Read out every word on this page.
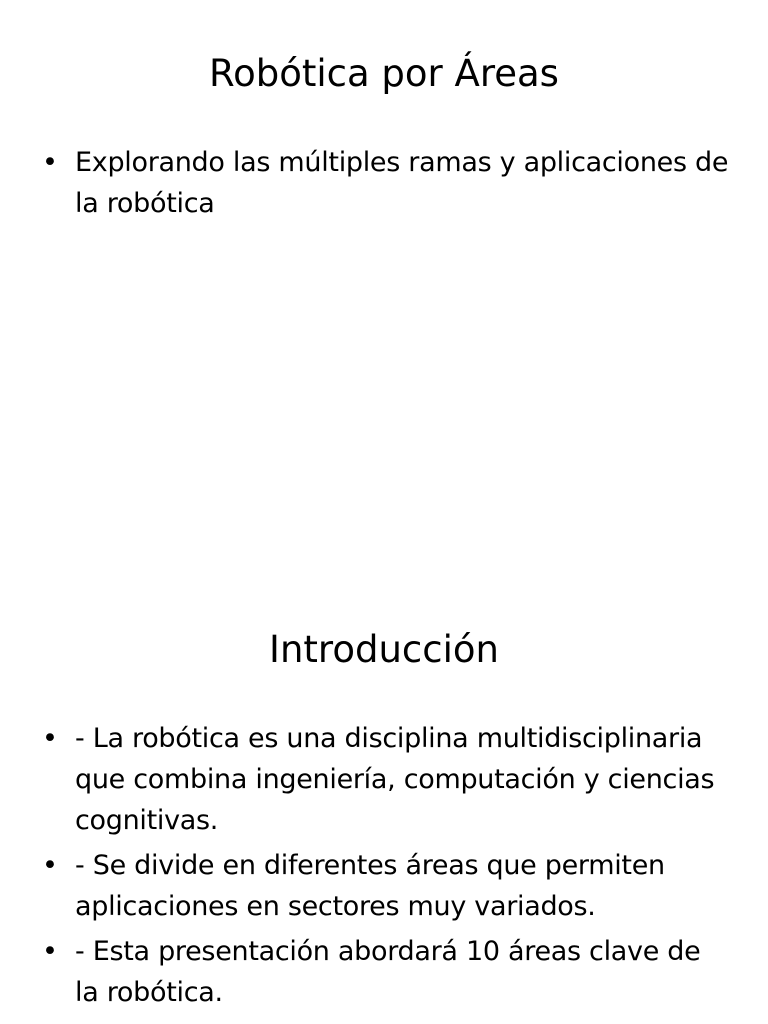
Robótica por Áreas
• Explorando las múltiples ramas y aplicaciones de la robótica
Introducción
• - La robótica es una disciplina multidisciplinaria que combina ingeniería, computación y ciencias cognitivas.
• - Se divide en diferentes áreas que permiten aplicaciones en sectores muy variados.
• - Esta presentación abordará 10 áreas clave de la robótica.
